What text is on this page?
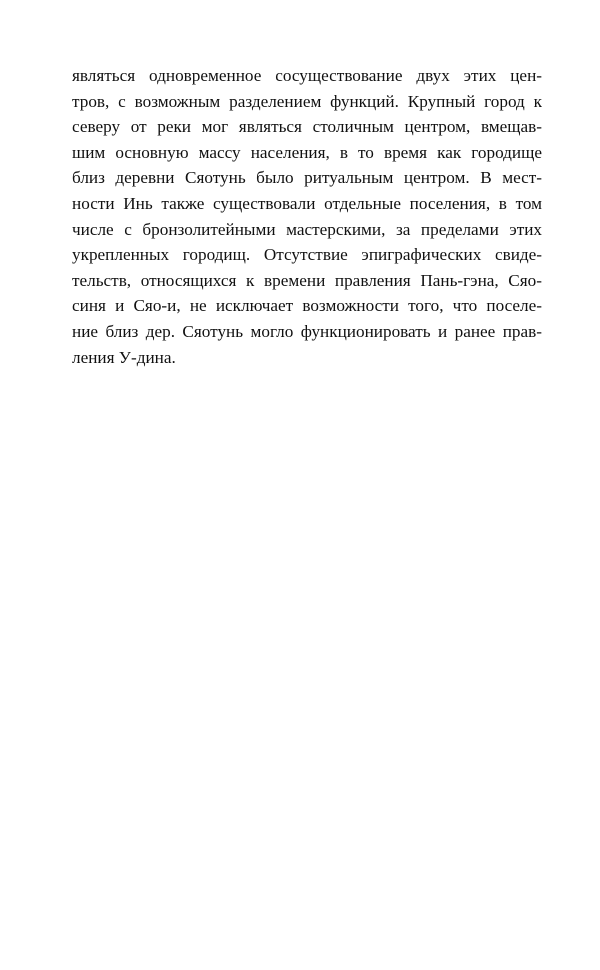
являться одновременное сосуществование двух этих цен-
тров, с возможным разделением функций. Крупный город к
северу от реки мог являться столичным центром, вмещав-
шим основную массу населения, в то время как городище
близ деревни Сяотунь было ритуальным центром. В мест-
ности Инь также существовали отдельные поселения, в том
числе с бронзолитейными мастерскими, за пределами этих
укрепленных городищ. Отсутствие эпиграфических свиде-
тельств, относящихся к времени правления Пань-гэна, Сяо-
синя и Сяо-и, не исключает возможности того, что поселе-
ние близ дер. Сяотунь могло функционировать и ранее прав-
ления У-дина.
